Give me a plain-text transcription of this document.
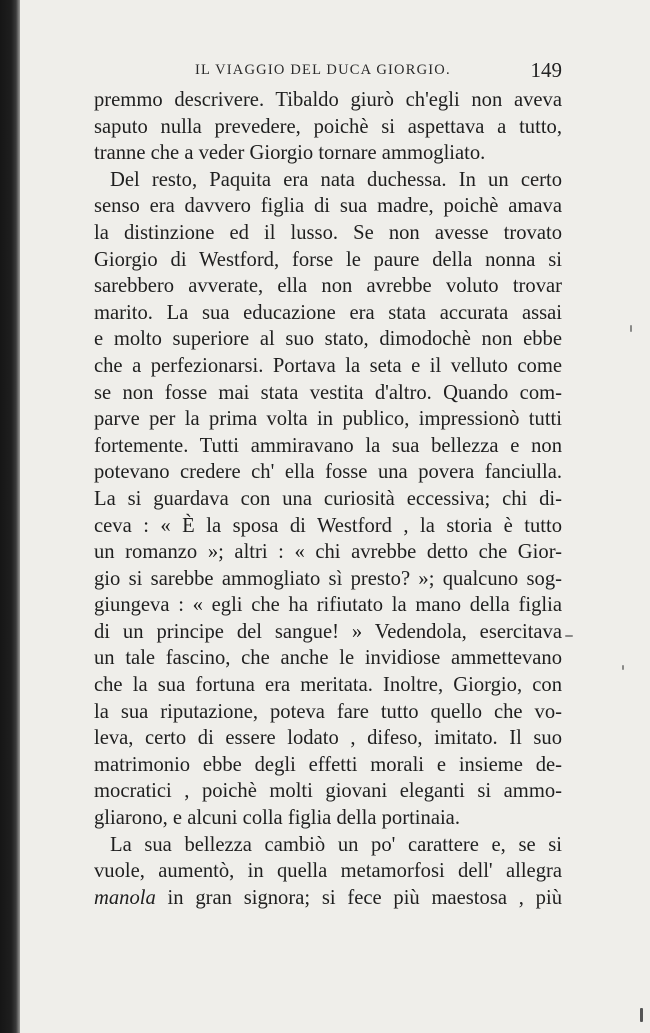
IL VIAGGIO DEL DUCA GIORGIO.	149
premmo descrivere. Tibaldo giurò ch'egli non aveva
saputo nulla prevedere, poichè si aspettava a tutto,
tranne che a veder Giorgio tornare ammogliato.
Del resto, Paquita era nata duchessa. In un certo
senso era davvero figlia di sua madre, poichè amava
la distinzione ed il lusso. Se non avesse trovato
Giorgio di Westford, forse le paure della nonna si
sarebbero avverate, ella non avrebbe voluto trovar
marito. La sua educazione era stata accurata assai
e molto superiore al suo stato, dimodochè non ebbe
che a perfezionarsi. Portava la seta e il velluto come
se non fosse mai stata vestita d'altro. Quando com-
parve per la prima volta in publico, impressionò tutti
fortemente. Tutti ammiravano la sua bellezza e non
potevano credere ch' ella fosse una povera fanciulla.
La si guardava con una curiosità eccessiva; chi di-
ceva : « È la sposa di Westford , la storia è tutto
un romanzo »; altri : « chi avrebbe detto che Gior-
gio si sarebbe ammogliato sì presto? »; qualcuno sog-
giungeva : « egli che ha rifiutato la mano della figlia
di un principe del sangue! » Vedendola, esercitava
un tale fascino, che anche le invidiose ammettevano
che la sua fortuna era meritata. Inoltre, Giorgio, con
la sua riputazione, poteva fare tutto quello che vo-
leva, certo di essere lodato , difeso, imitato. Il suo
matrimonio ebbe degli effetti morali e insieme de-
mocratici , poichè molti giovani eleganti si ammo-
gliarono, e alcuni colla figlia della portinaia.
La sua bellezza cambiò un po' carattere e, se si
vuole, aumentò, in quella metamorfosi dell' allegra
manola in gran signora; si fece più maestosa , più
